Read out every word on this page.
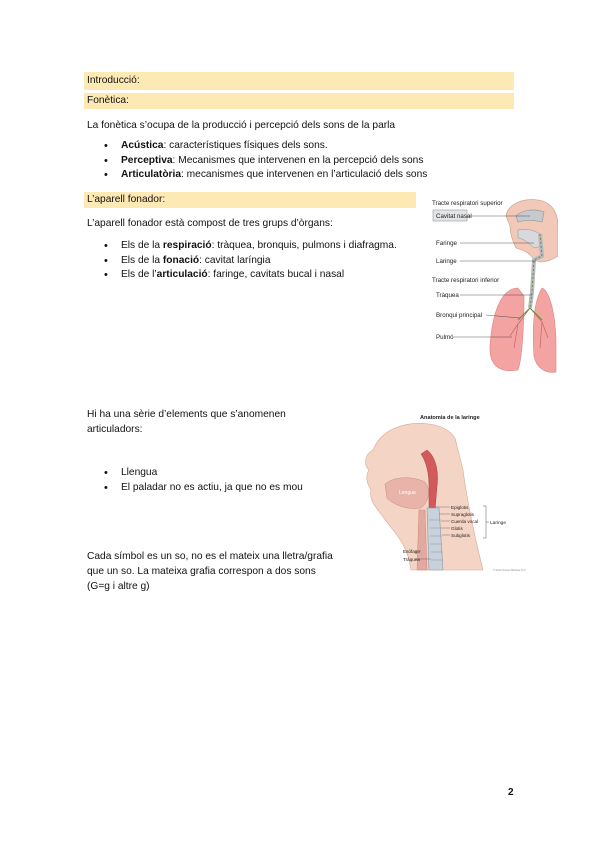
Introducció:
Fonètica:
La fonètica s’ocupa de la producció i percepció dels sons de la parla
• Acústica: característiques físiques dels sons.
• Perceptiva: Mecanismes que intervenen en la percepció dels sons
• Articulatòria: mecanismes que intervenen en l’articulació dels sons
L’aparell fonador:
L’aparell fonador està compost de tres grups d’òrgans:
• Els de la respiració: tràquea, bronquis, pulmons i diafragma.
• Els de la fonació: cavitat laríngia
• Els de l’articulació: faringe, cavitats bucal i nasal
Tracte respiratori superior
Cavitat nasal
Faringe
Laringe
Tracte respiratori inferior
Tràquea
Bronqui principal
Pulmó
Hi ha una sèrie d’elements que s’anomenen
articuladors:
• Llengua
• El paladar no es actiu, ja que no es mou
Anatomia de la laringe
Lengua
Epiglotis
Supraglotis
Cuerda vocal
Glotis
Subglotis
Laringe
Esófago
Tráquea
© 2012 Terese Winslow LLC
Cada símbol es un so, no es el mateix una lletra/grafia
que un so. La mateixa grafia correspon a dos sons
(G=g i altre g)
2
